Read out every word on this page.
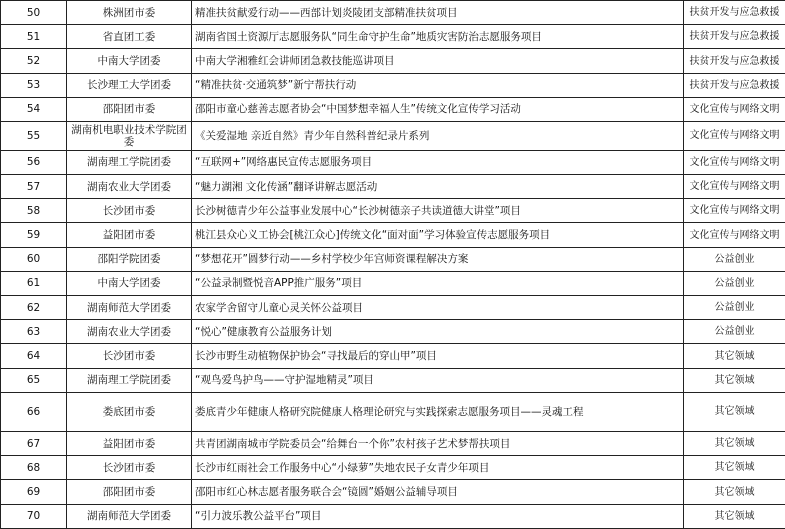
50	株洲团市委	精准扶贫献爱行动——西部计划炎陵团支部精准扶贫项目	扶贫开发与应急救援
51	省直团工委	湖南省国土资源厅志愿服务队“同生命守护生命”地质灾害防治志愿服务项目	扶贫开发与应急救援
52	中南大学团委	中南大学湘雅红会讲师团急救技能巡讲项目	扶贫开发与应急救援
53	长沙理工大学团委	“精准扶贫·交通筑梦”新宁帮扶行动	扶贫开发与应急救援
54	邵阳团市委	邵阳市童心慈善志愿者协会“中国梦想幸福人生”传统文化宣传学习活动	文化宣传与网络文明
55	湖南机电职业技术学院团委	《关爱湿地 亲近自然》青少年自然科普纪录片系列	文化宣传与网络文明
56	湖南理工学院团委	“互联网+”网络惠民宣传志愿服务项目	文化宣传与网络文明
57	湖南农业大学团委	“魅力湖湘 文化传涵”翻译讲解志愿活动	文化宣传与网络文明
58	长沙团市委	长沙树德青少年公益事业发展中心“长沙树德亲子共读道德大讲堂”项目	文化宣传与网络文明
59	益阳团市委	桃江县众心义工协会[桃江众心]传统文化“面对面”学习体验宣传志愿服务项目	文化宣传与网络文明
60	邵阳学院团委	“梦想花开”圆梦行动——乡村学校少年宫师资课程解决方案	公益创业
61	中南大学团委	“公益录制暨悦音APP推广服务”项目	公益创业
62	湖南师范大学团委	农家学舍留守儿童心灵关怀公益项目	公益创业
63	湖南农业大学团委	“悦心”健康教育公益服务计划	公益创业
64	长沙团市委	长沙市野生动植物保护协会“寻找最后的穿山甲”项目	其它领域
65	湖南理工学院团委	“观鸟爱鸟护鸟——守护湿地精灵”项目	其它领域
66	娄底团市委	娄底青少年健康人格研究院健康人格理论研究与实践探索志愿服务项目——灵魂工程	其它领域
67	益阳团市委	共青团湖南城市学院委员会“给舞台一个你”农村孩子艺术梦帮扶项目	其它领域
68	长沙团市委	长沙市红雨社会工作服务中心“小绿萝”失地农民子女青少年项目	其它领域
69	邵阳团市委	邵阳市红心林志愿者服务联合会“镜圆”婚姻公益辅导项目	其它领域
70	湖南师范大学团委	“引力波乐教公益平台”项目	其它领域
